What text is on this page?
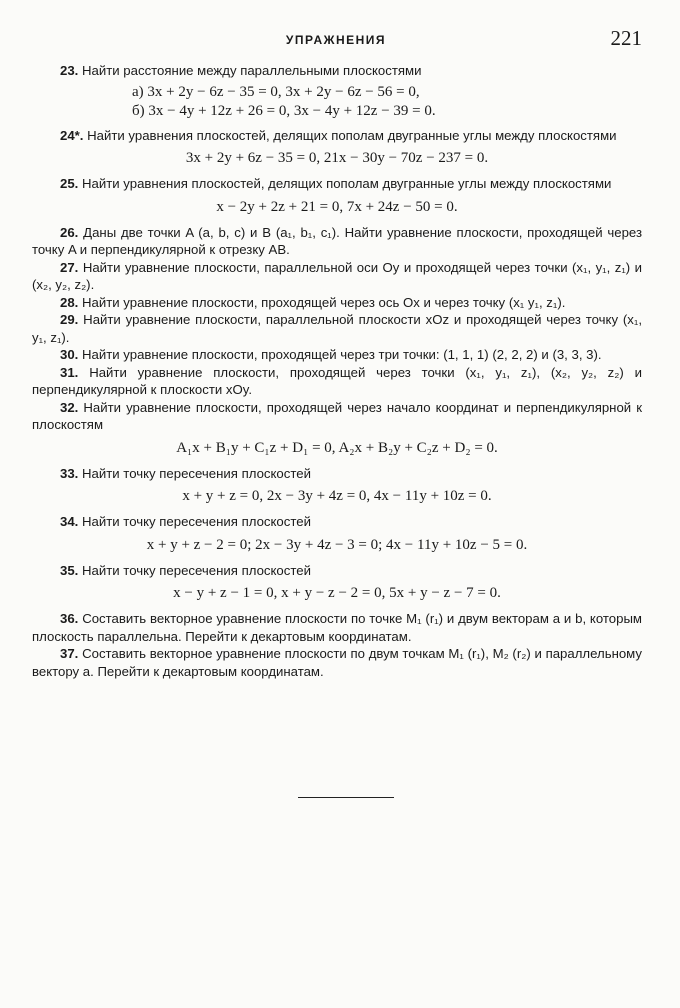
УПРАЖНЕНИЯ	221

23. Найти расстояние между параллельными плоскостями

а) 3x + 2y − 6z − 35 = 0, 3x + 2y − 6z − 56 = 0,
б) 3x − 4y + 12z + 26 = 0, 3x − 4y + 12z − 39 = 0.

24*. Найти уравнения плоскостей, делящих пополам двугранные углы между плоскостями

3x + 2y + 6z − 35 = 0, 21x − 30y − 70z − 237 = 0.

25. Найти уравнения плоскостей, делящих пополам двугранные углы между плоскостями

x − 2y + 2z + 21 = 0, 7x + 24z − 50 = 0.

26. Даны две точки A (a, b, c) и B (a₁, b₁, c₁). Найти уравнение плоскости, проходящей через точку A и перпендикулярной к отрезку AB.

27. Найти уравнение плоскости, параллельной оси Oy и проходящей через точки (x₁, y₁, z₁) и (x₂, y₂, z₂).

28. Найти уравнение плоскости, проходящей через ось Ox и через точку (x₁ y₁, z₁).

29. Найти уравнение плоскости, параллельной плоскости xOz и проходящей через точку (x₁, y₁, z₁).

30. Найти уравнение плоскости, проходящей через три точки: (1, 1, 1) (2, 2, 2) и (3, 3, 3).

31. Найти уравнение плоскости, проходящей через точки (x₁, y₁, z₁), (x₂, y₂, z₂) и перпендикулярной к плоскости xOy.

32. Найти уравнение плоскости, проходящей через начало координат и перпендикулярной к плоскостям

A₁x + B₁y + C₁z + D₁ = 0, A₂x + B₂y + C₂z + D₂ = 0.

33. Найти точку пересечения плоскостей

x + y + z = 0, 2x − 3y + 4z = 0, 4x − 11y + 10z = 0.

34. Найти точку пересечения плоскостей

x + y + z − 2 = 0; 2x − 3y + 4z − 3 = 0; 4x − 11y + 10z − 5 = 0.

35. Найти точку пересечения плоскостей

x − y + z − 1 = 0, x + y − z − 2 = 0, 5x + y − z − 7 = 0.

36. Составить векторное уравнение плоскости по точке M₁ (r₁) и двум векторам a и b, которым плоскость параллельна. Перейти к декартовым координатам.

37. Составить векторное уравнение плоскости по двум точкам M₁ (r₁), M₂ (r₂) и параллельному вектору a. Перейти к декартовым координатам.
